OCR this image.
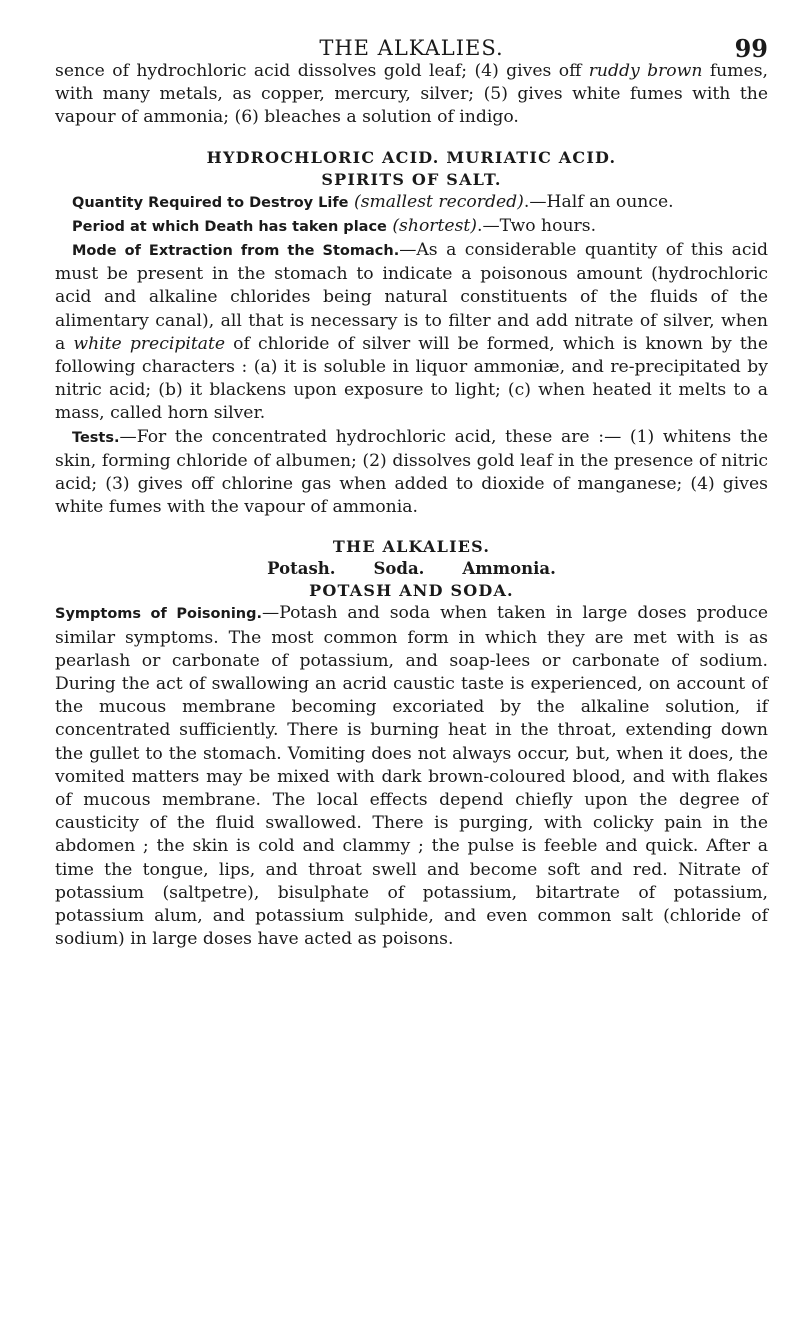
THE ALKALIES.	99

sence of hydrochloric acid dissolves gold leaf; (4) gives off ruddy brown fumes, with many metals, as copper, mercury, silver; (5) gives white fumes with the vapour of ammonia; (6) bleaches a solution of indigo.

HYDROCHLORIC ACID. MURIATIC ACID.
SPIRITS OF SALT.

Quantity Required to Destroy Life (smallest recorded).—Half an ounce.

Period at which Death has taken place (shortest).—Two hours.

Mode of Extraction from the Stomach.—As a considerable quantity of this acid must be present in the stomach to indicate a poisonous amount (hydrochloric acid and alkaline chlorides being natural constituents of the fluids of the alimentary canal), all that is necessary is to filter and add nitrate of silver, when a white precipitate of chloride of silver will be formed, which is known by the following characters : (a) it is soluble in liquor ammoniæ, and re-precipitated by nitric acid; (b) it blackens upon exposure to light; (c) when heated it melts to a mass, called horn silver.

Tests.—For the concentrated hydrochloric acid, these are :— (1) whitens the skin, forming chloride of albumen; (2) dissolves gold leaf in the presence of nitric acid; (3) gives off chlorine gas when added to dioxide of manganese; (4) gives white fumes with the vapour of ammonia.

THE ALKALIES.
Potash. Soda. Ammonia.
POTASH AND SODA.

Symptoms of Poisoning.—Potash and soda when taken in large doses produce similar symptoms. The most common form in which they are met with is as pearlash or carbonate of potassium, and soap-lees or carbonate of sodium. During the act of swallowing an acrid caustic taste is experienced, on account of the mucous membrane becoming excoriated by the alkaline solution, if concentrated sufficiently. There is burning heat in the throat, extending down the gullet to the stomach. Vomiting does not always occur, but, when it does, the vomited matters may be mixed with dark brown-coloured blood, and with flakes of mucous membrane. The local effects depend chiefly upon the degree of causticity of the fluid swallowed. There is purging, with colicky pain in the abdomen ; the skin is cold and clammy ; the pulse is feeble and quick. After a time the tongue, lips, and throat swell and become soft and red. Nitrate of potassium (saltpetre), bisulphate of potassium, bitartrate of potassium, potassium alum, and potassium sulphide, and even common salt (chloride of sodium) in large doses have acted as poisons.
